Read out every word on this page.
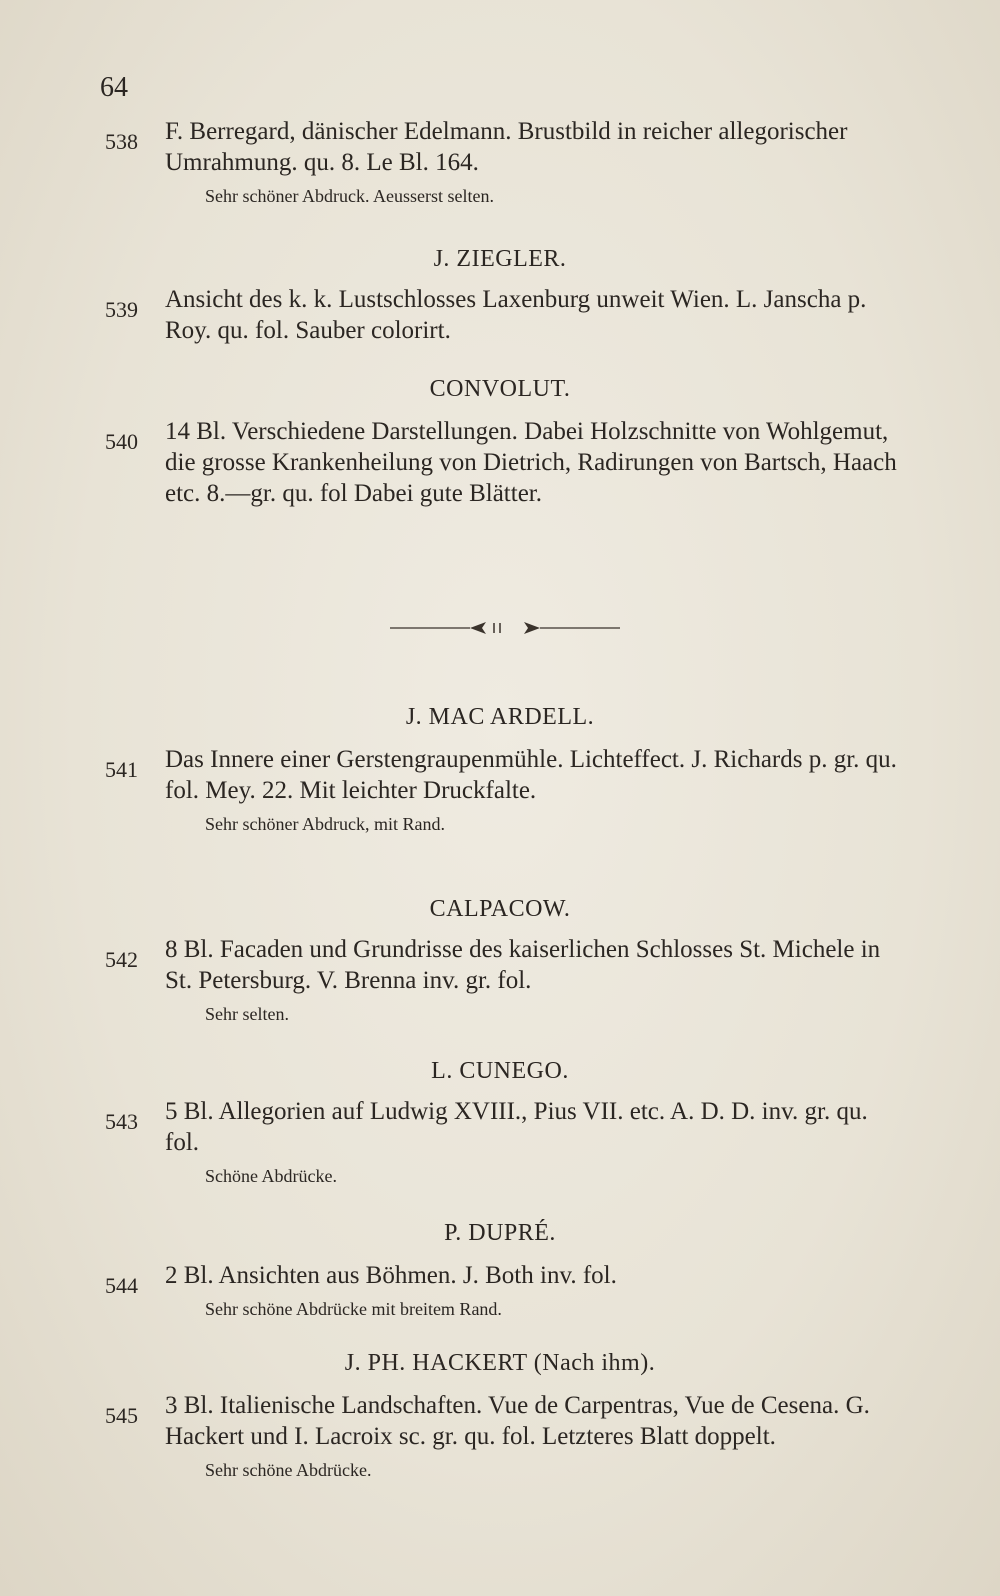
64
538	F. Berregard, dänischer Edelmann. Brustbild in reicher allegorischer Umrahmung. qu. 8. Le Bl. 164.
Sehr schöner Abdruck. Aeusserst selten.
J. ZIEGLER.
539	Ansicht des k. k. Lustschlosses Laxenburg unweit Wien. L. Janscha p. Roy. qu. fol. Sauber colorirt.
CONVOLUT.
540	14 Bl. Verschiedene Darstellungen. Dabei Holzschnitte von Wohlgemut, die grosse Krankenheilung von Dietrich, Radirungen von Bartsch, Haach etc. 8.—gr. qu. fol Dabei gute Blätter.
J. MAC ARDELL.
541	Das Innere einer Gerstengraupenmühle. Lichteffect. J. Richards p. gr. qu. fol. Mey. 22. Mit leichter Druckfalte.
Sehr schöner Abdruck, mit Rand.
CALPACOW.
542	8 Bl. Facaden und Grundrisse des kaiserlichen Schlosses St. Michele in St. Petersburg. V. Brenna inv. gr. fol.
Sehr selten.
L. CUNEGO.
543	5 Bl. Allegorien auf Ludwig XVIII., Pius VII. etc. A. D. D. inv. gr. qu. fol.
Schöne Abdrücke.
P. DUPRÉ.
544	2 Bl. Ansichten aus Böhmen. J. Both inv. fol.
Sehr schöne Abdrücke mit breitem Rand.
J. PH. HACKERT (Nach ihm).
545	3 Bl. Italienische Landschaften. Vue de Carpentras, Vue de Cesena. G. Hackert und I. Lacroix sc. gr. qu. fol. Letzteres Blatt doppelt.
Sehr schöne Abdrücke.
